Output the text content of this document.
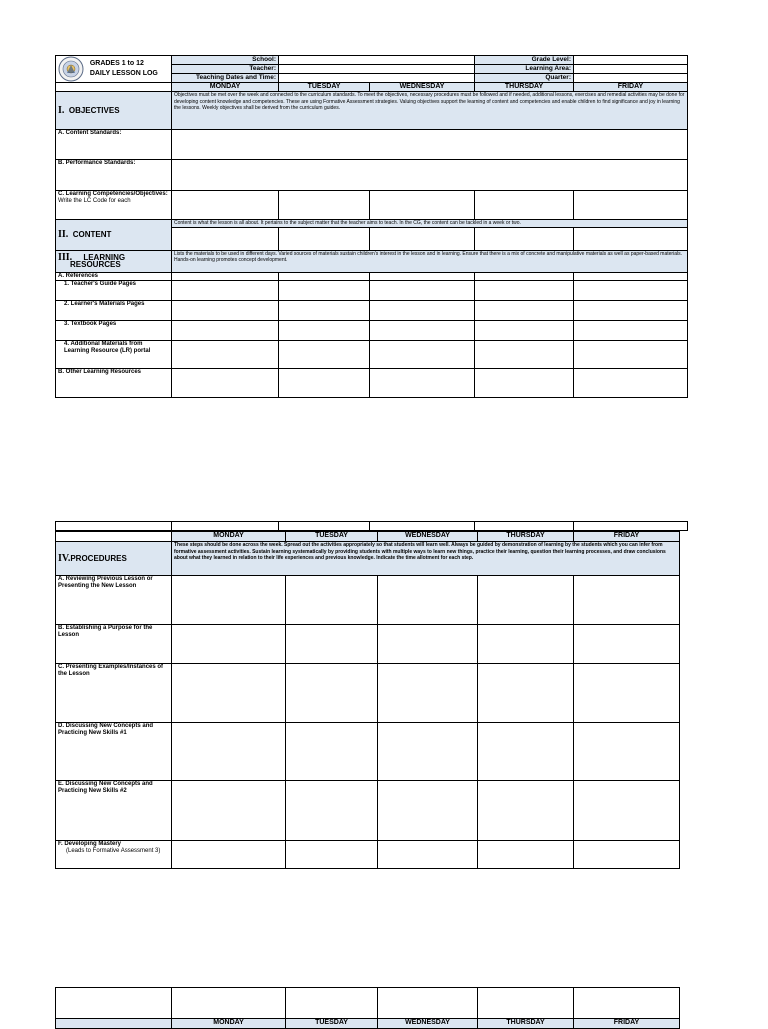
GRADES 1 to 12
DAILY LESSON LOG	School:			Grade Level:	
	Teacher:			Learning Area:	
	Teaching Dates and Time:			Quarter:	
	MONDAY	TUESDAY	WEDNESDAY	THURSDAY	FRIDAY
I. OBJECTIVES	Objectives must be met over the week and connected to the curriculum standards. To meet the objectives, necessary procedures must be followed and if needed, additional lessons, exercises and remedial activities may be done for developing content knowledge and competencies. These are using Formative Assessment strategies. Valuing objectives support the learning of content and competencies and enable children to find significance and joy in learning the lessons. Weekly objectives shall be derived from the curriculum guides.				
A. Content Standards:					
B. Performance Standards:					
C. Learning Competencies/Objectives:
Write the LC Code for each					
II. CONTENT	Content is what the lesson is all about. It pertains to the subject matter that the teacher aims to teach. In the CG, the content can be tackled in a week or two.				

III. LEARNING
RESOURCES	Lists the materials to be used in different days. Varied sources of materials sustain children's interest in the lesson and in learning. Ensure that there is a mix of concrete and manipulative materials as well as paper-based materials. Hands-on learning promotes concept development.				
A. References					
1. Teacher's Guide Pages					
2. Learner's Materials Pages					
3. Textbook Pages					
4. Additional Materials from Learning Resource (LR) portal					
B. Other Learning Resources					

	MONDAY	TUESDAY	WEDNESDAY	THURSDAY	FRIDAY
IV.PROCEDURES	These steps should be done across the week. Spread out the activities appropriately so that students will learn well. Always be guided by demonstration of learning by the students which you can infer from formative assessment activities. Sustain learning systematically by providing students with multiple ways to learn new things, practice their learning, question their learning processes, and draw conclusions about what they learned in relation to their life experiences and previous knowledge. Indicate the time allotment for each step.				
A. Reviewing Previous Lesson or Presenting the New Lesson					
B. Establishing a Purpose for the Lesson					
C. Presenting Examples/Instances of the Lesson					
D. Discussing New Concepts and Practicing New Skills #1					
E. Discussing New Concepts and Practicing New Skills #2					
F. Developing Mastery
(Leads to Formative Assessment 3)					

	MONDAY	TUESDAY	WEDNESDAY	THURSDAY	FRIDAY
